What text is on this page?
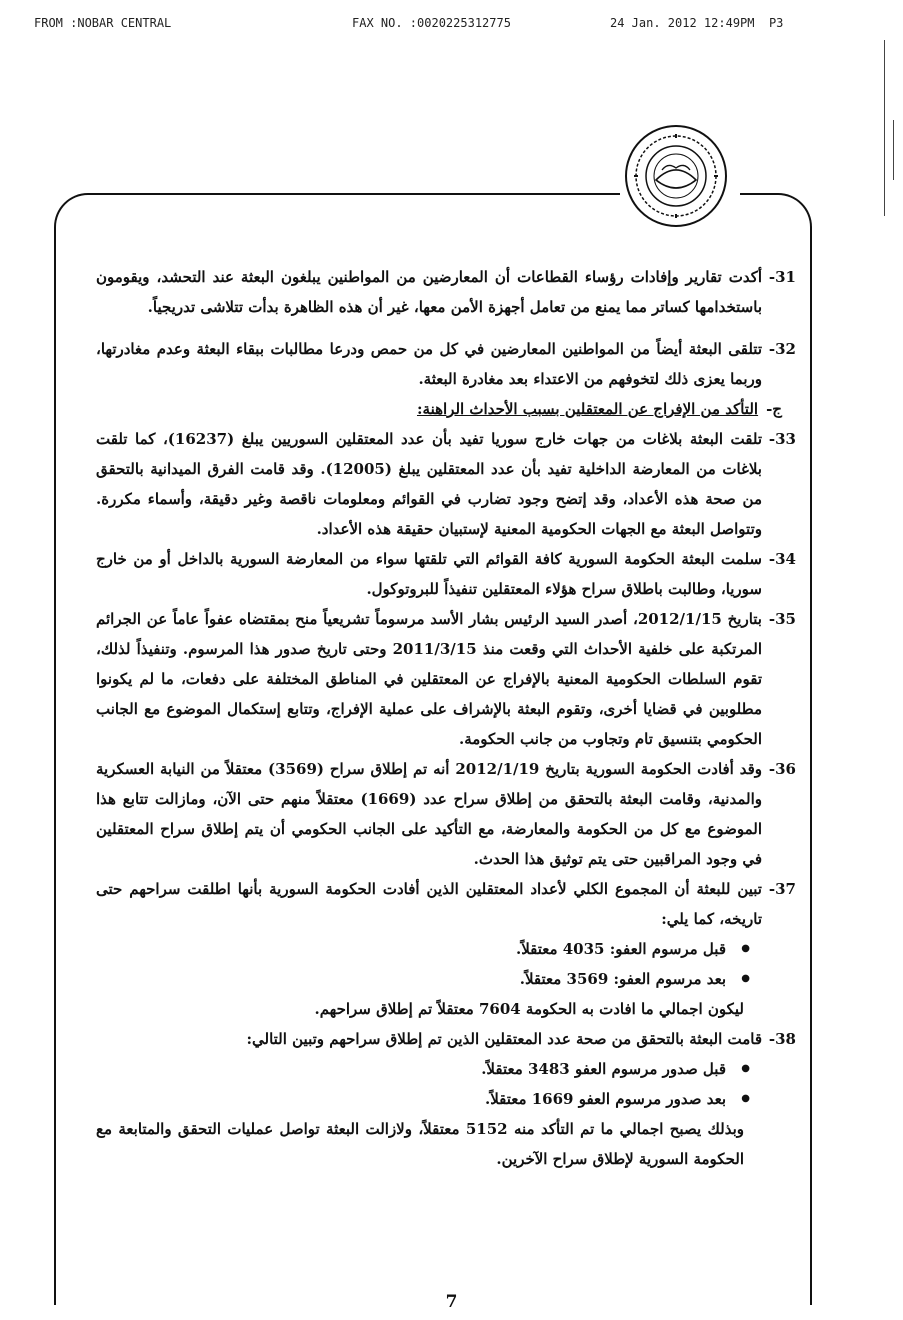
FROM :NOBAR CENTRAL

	FAX NO. :0020225312775

	24 Jan. 2012 12:49PM  P3

31-
أكدت تقارير وإفادات رؤساء القطاعات أن المعارضين من المواطنين يبلغون البعثة عند التحشد، ويقومون باستخدامها كساتر مما يمنع من تعامل أجهزة الأمن معها، غير أن هذه الظاهرة بدأت تتلاشى تدريجياً.

32-
تتلقى البعثة أيضاً من المواطنين المعارضين في كل من حمص ودرعا مطالبات ببقاء البعثة وعدم مغادرتها، وربما يعزى ذلك لتخوفهم من الاعتداء بعد مغادرة البعثة.

ج-التأكد من الإفراج عن المعتقلين بسبب الأحداث الراهنة:

33-
تلقت البعثة بلاغات من جهات خارج سوريا تفيد بأن عدد المعتقلين السوريين يبلغ (16237)، كما تلقت بلاغات من المعارضة الداخلية تفيد بأن عدد المعتقلين يبلغ (12005). وقد قامت الفرق الميدانية بالتحقق من صحة هذه الأعداد، وقد إتضح وجود تضارب في القوائم ومعلومات ناقصة وغير دقيقة، وأسماء مكررة. وتتواصل البعثة مع الجهات الحكومية المعنية لإستبيان حقيقة هذه الأعداد.

34-
سلمت البعثة الحكومة السورية كافة القوائم التي تلقتها سواء من المعارضة السورية بالداخل أو من خارج سوريا، وطالبت باطلاق سراح هؤلاء المعتقلين تنفيذاً للبروتوكول.

35-
بتاريخ 2012/1/15، أصدر السيد الرئيس بشار الأسد مرسوماً تشريعياً منح بمقتضاه عفواً عاماً عن الجرائم المرتكبة على خلفية الأحداث التي وقعت منذ 2011/3/15 وحتى تاريخ صدور هذا المرسوم. وتنفيذاً لذلك، تقوم السلطات الحكومية المعنية بالإفراج عن المعتقلين في المناطق المختلفة على دفعات، ما لم يكونوا مطلوبين في قضايا أخرى، وتقوم البعثة بالإشراف على عملية الإفراج، وتتابع إستكمال الموضوع مع الجانب الحكومي بتنسيق تام وتجاوب من جانب الحكومة.

36-
وقد أفادت الحكومة السورية بتاريخ 2012/1/19 أنه تم إطلاق سراح (3569) معتقلاً من النيابة العسكرية والمدنية، وقامت البعثة بالتحقق من إطلاق سراح عدد (1669) معتقلاً منهم حتى الآن، ومازالت تتابع هذا الموضوع مع كل من الحكومة والمعارضة، مع التأكيد على الجانب الحكومي أن يتم إطلاق سراح المعتقلين في وجود المراقبين حتى يتم توثيق هذا الحدث.

37-
تبين للبعثة أن المجموع الكلي لأعداد المعتقلين الذين أفادت الحكومة السورية بأنها اطلقت سراحهم حتى تاريخه، كما يلي:

● قبل مرسوم العفو: 4035 معتقلاً.
● بعد مرسوم العفو: 3569 معتقلاً.

ليكون اجمالي ما افادت به الحكومة 7604 معتقلاً تم إطلاق سراحهم.

38-
قامت البعثة بالتحقق من صحة عدد المعتقلين الذين تم إطلاق سراحهم وتبين التالي:

● قبل صدور مرسوم العفو 3483 معتقلاً.
● بعد صدور مرسوم العفو 1669 معتقلاً.

وبذلك يصبح اجمالي ما تم التأكد منه 5152 معتقلاً، ولازالت البعثة تواصل عمليات التحقق والمتابعة مع الحكومة السورية لإطلاق سراح الآخرين.

7
